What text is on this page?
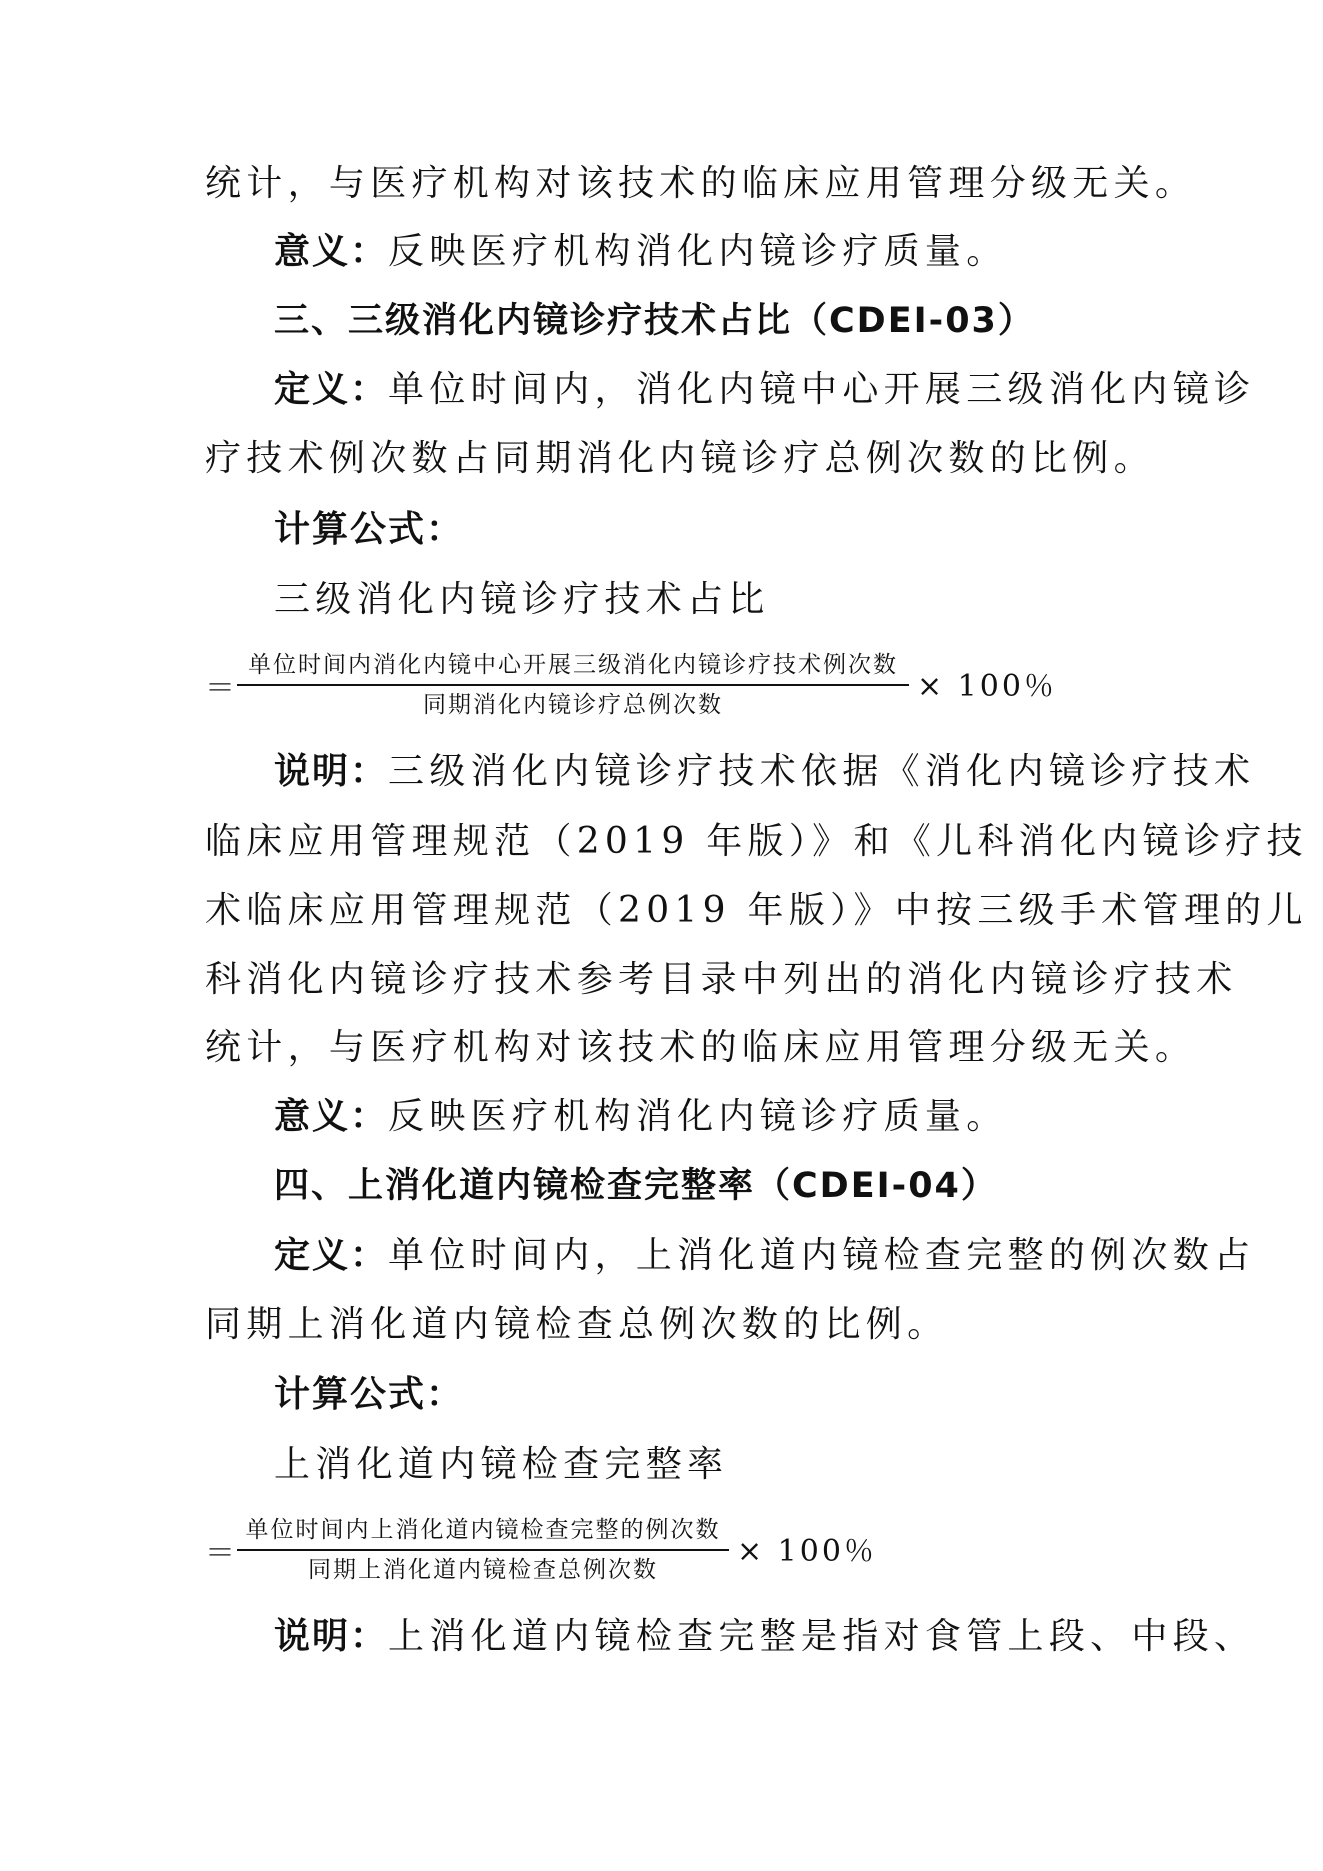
统计，与医疗机构对该技术的临床应用管理分级无关。
意义：反映医疗机构消化内镜诊疗质量。
三、三级消化内镜诊疗技术占比（CDEI-03）
定义：单位时间内，消化内镜中心开展三级消化内镜诊
疗技术例次数占同期消化内镜诊疗总例次数的比例。
计算公式：
三级消化内镜诊疗技术占比
＝
单位时间内消化内镜中心开展三级消化内镜诊疗技术例次数
同期消化内镜诊疗总例次数
× 100％
说明：三级消化内镜诊疗技术依据《消化内镜诊疗技术
临床应用管理规范（2019 年版）》和《儿科消化内镜诊疗技
术临床应用管理规范（2019 年版）》中按三级手术管理的儿
科消化内镜诊疗技术参考目录中列出的消化内镜诊疗技术
统计，与医疗机构对该技术的临床应用管理分级无关。
意义：反映医疗机构消化内镜诊疗质量。
四、上消化道内镜检查完整率（CDEI-04）
定义：单位时间内，上消化道内镜检查完整的例次数占
同期上消化道内镜检查总例次数的比例。
计算公式：
上消化道内镜检查完整率
＝
单位时间内上消化道内镜检查完整的例次数
同期上消化道内镜检查总例次数
× 100％
说明：上消化道内镜检查完整是指对食管上段、中段、
